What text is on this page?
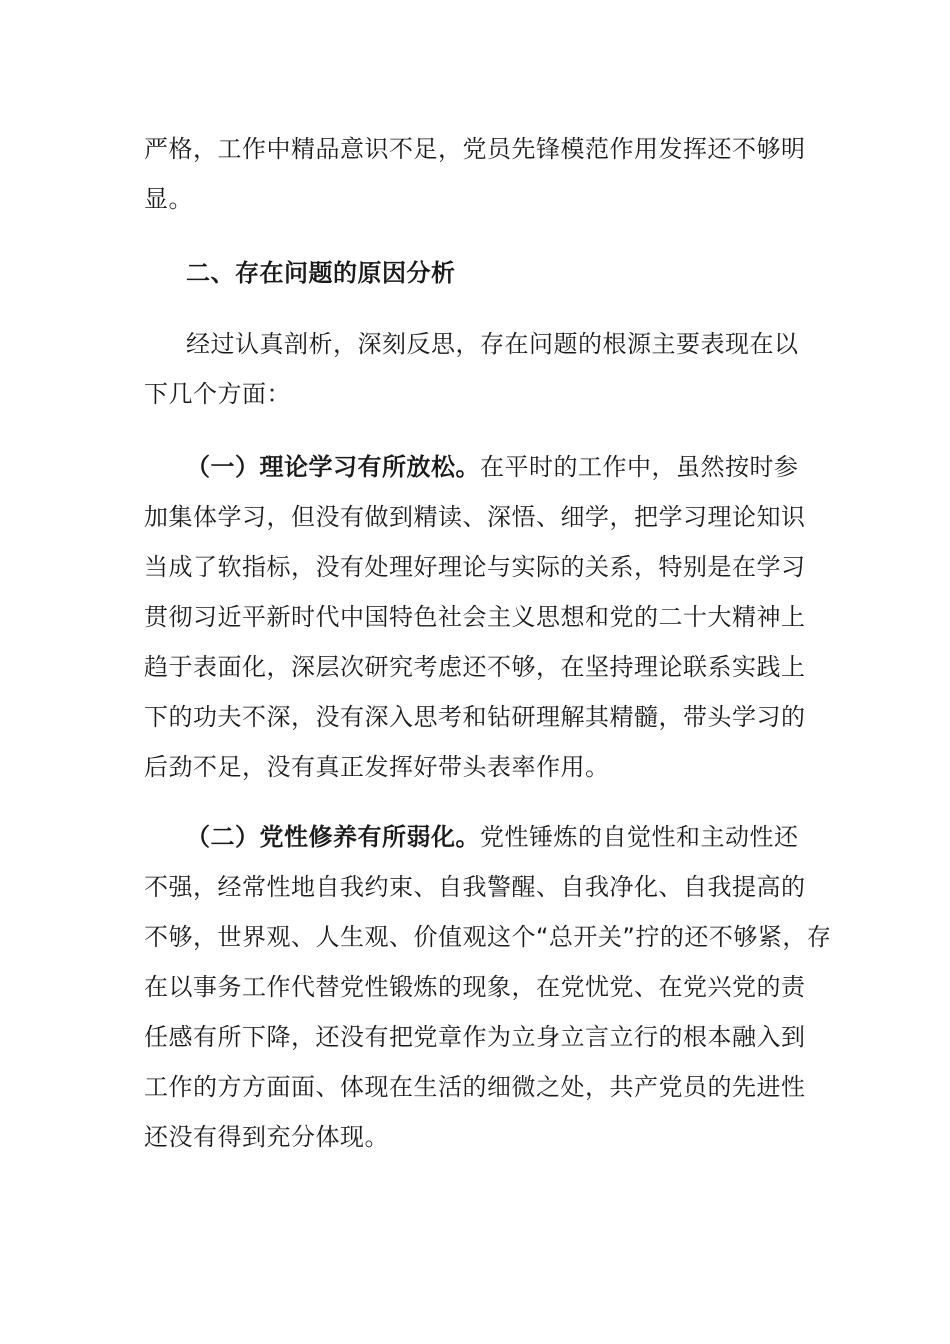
严格，工作中精品意识不足，党员先锋模范作用发挥还不够明
显。
二、存在问题的原因分析
经过认真剖析，深刻反思，存在问题的根源主要表现在以
下几个方面：
（一）理论学习有所放松。在平时的工作中，虽然按时参
加集体学习，但没有做到精读、深悟、细学，把学习理论知识
当成了软指标，没有处理好理论与实际的关系，特别是在学习
贯彻习近平新时代中国特色社会主义思想和党的二十大精神上
趋于表面化，深层次研究考虑还不够，在坚持理论联系实践上
下的功夫不深，没有深入思考和钻研理解其精髓，带头学习的
后劲不足，没有真正发挥好带头表率作用。
（二）党性修养有所弱化。党性锤炼的自觉性和主动性还
不强，经常性地自我约束、自我警醒、自我净化、自我提高的
不够，世界观、人生观、价值观这个“总开关”拧的还不够紧，存
在以事务工作代替党性锻炼的现象，在党忧党、在党兴党的责
任感有所下降，还没有把党章作为立身立言立行的根本融入到
工作的方方面面、体现在生活的细微之处，共产党员的先进性
还没有得到充分体现。
